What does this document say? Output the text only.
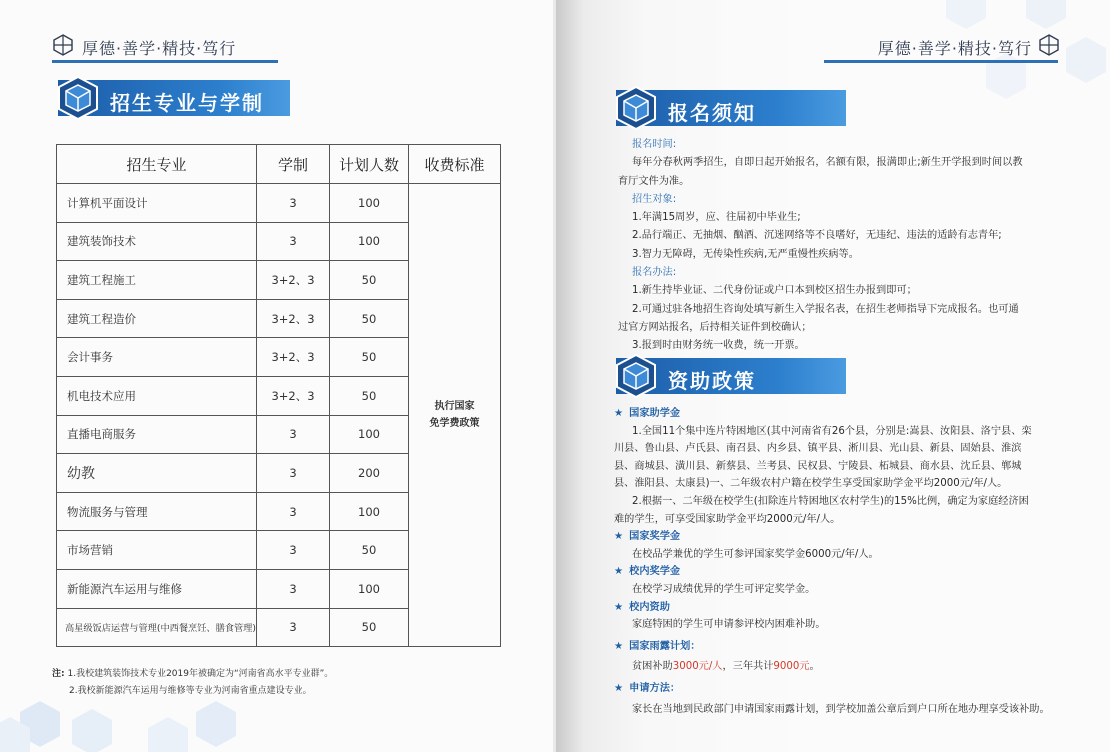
厚德·善学·精技·笃行
招生专业与学制
招生专业	学制	计划人数	收费标准
计算机平面设计	3	100	执行国家
免学费政策

建筑装饰技术	3	100	
建筑工程施工	3+2、3	50	
建筑工程造价	3+2、3	50	
会计事务	3+2、3	50	
机电技术应用	3+2、3	50	
直播电商服务	3	100	
幼教	3	200	
物流服务与管理	3	100	
市场营销	3	50	
新能源汽车运用与维修	3	100	
高星级饭店运营与管理(中西餐烹饪、膳食管理)	3	50	
注: 1.我校建筑装饰技术专业2019年被确定为“河南省高水平专业群”。
2.我校新能源汽车运用与维修等专业为河南省重点建设专业。
厚德·善学·精技·笃行
报名须知
报名时间:
每年分春秋两季招生，自即日起开始报名，名额有限，报满即止;新生开学报到时间以教
育厅文件为准。
招生对象:
1.年满15周岁，应、往届初中毕业生;
2.品行端正、无抽烟、酗酒、沉迷网络等不良嗜好，无违纪、违法的适龄有志青年;
3.智力无障碍，无传染性疾病,无严重慢性疾病等。
报名办法:
1.新生持毕业证、二代身份证或户口本到校区招生办报到即可；
2.可通过驻各地招生咨询处填写新生入学报名表，在招生老师指导下完成报名。也可通
过官方网站报名，后持相关证件到校确认；
3.报到时由财务统一收费，统一开票。
资助政策
★ 国家助学金
1.全国11个集中连片特困地区(其中河南省有26个县，分别是:嵩县、汝阳县、洛宁县、栾
川县、鲁山县、卢氏县、南召县、内乡县、镇平县、淅川县、光山县、新县、固始县、淮滨
县、商城县、潢川县、新蔡县、兰考县、民权县、宁陵县、柘城县、商水县、沈丘县、郸城
县、淮阳县、太康县)一、二年级农村户籍在校学生享受国家助学金平均2000元/年/人。
2.根据一、二年级在校学生(扣除连片特困地区农村学生)的15%比例，确定为家庭经济困
难的学生，可享受国家助学金平均2000元/年/人。
★ 国家奖学金
在校品学兼优的学生可参评国家奖学金6000元/年/人。
★ 校内奖学金
在校学习成绩优异的学生可评定奖学金。
★ 校内资助
家庭特困的学生可申请参评校内困难补助。
★ 国家雨露计划：
贫困补助3000元/人，三年共计9000元。
★ 申请方法：
家长在当地到民政部门申请国家雨露计划，到学校加盖公章后到户口所在地办理享受该补助。
